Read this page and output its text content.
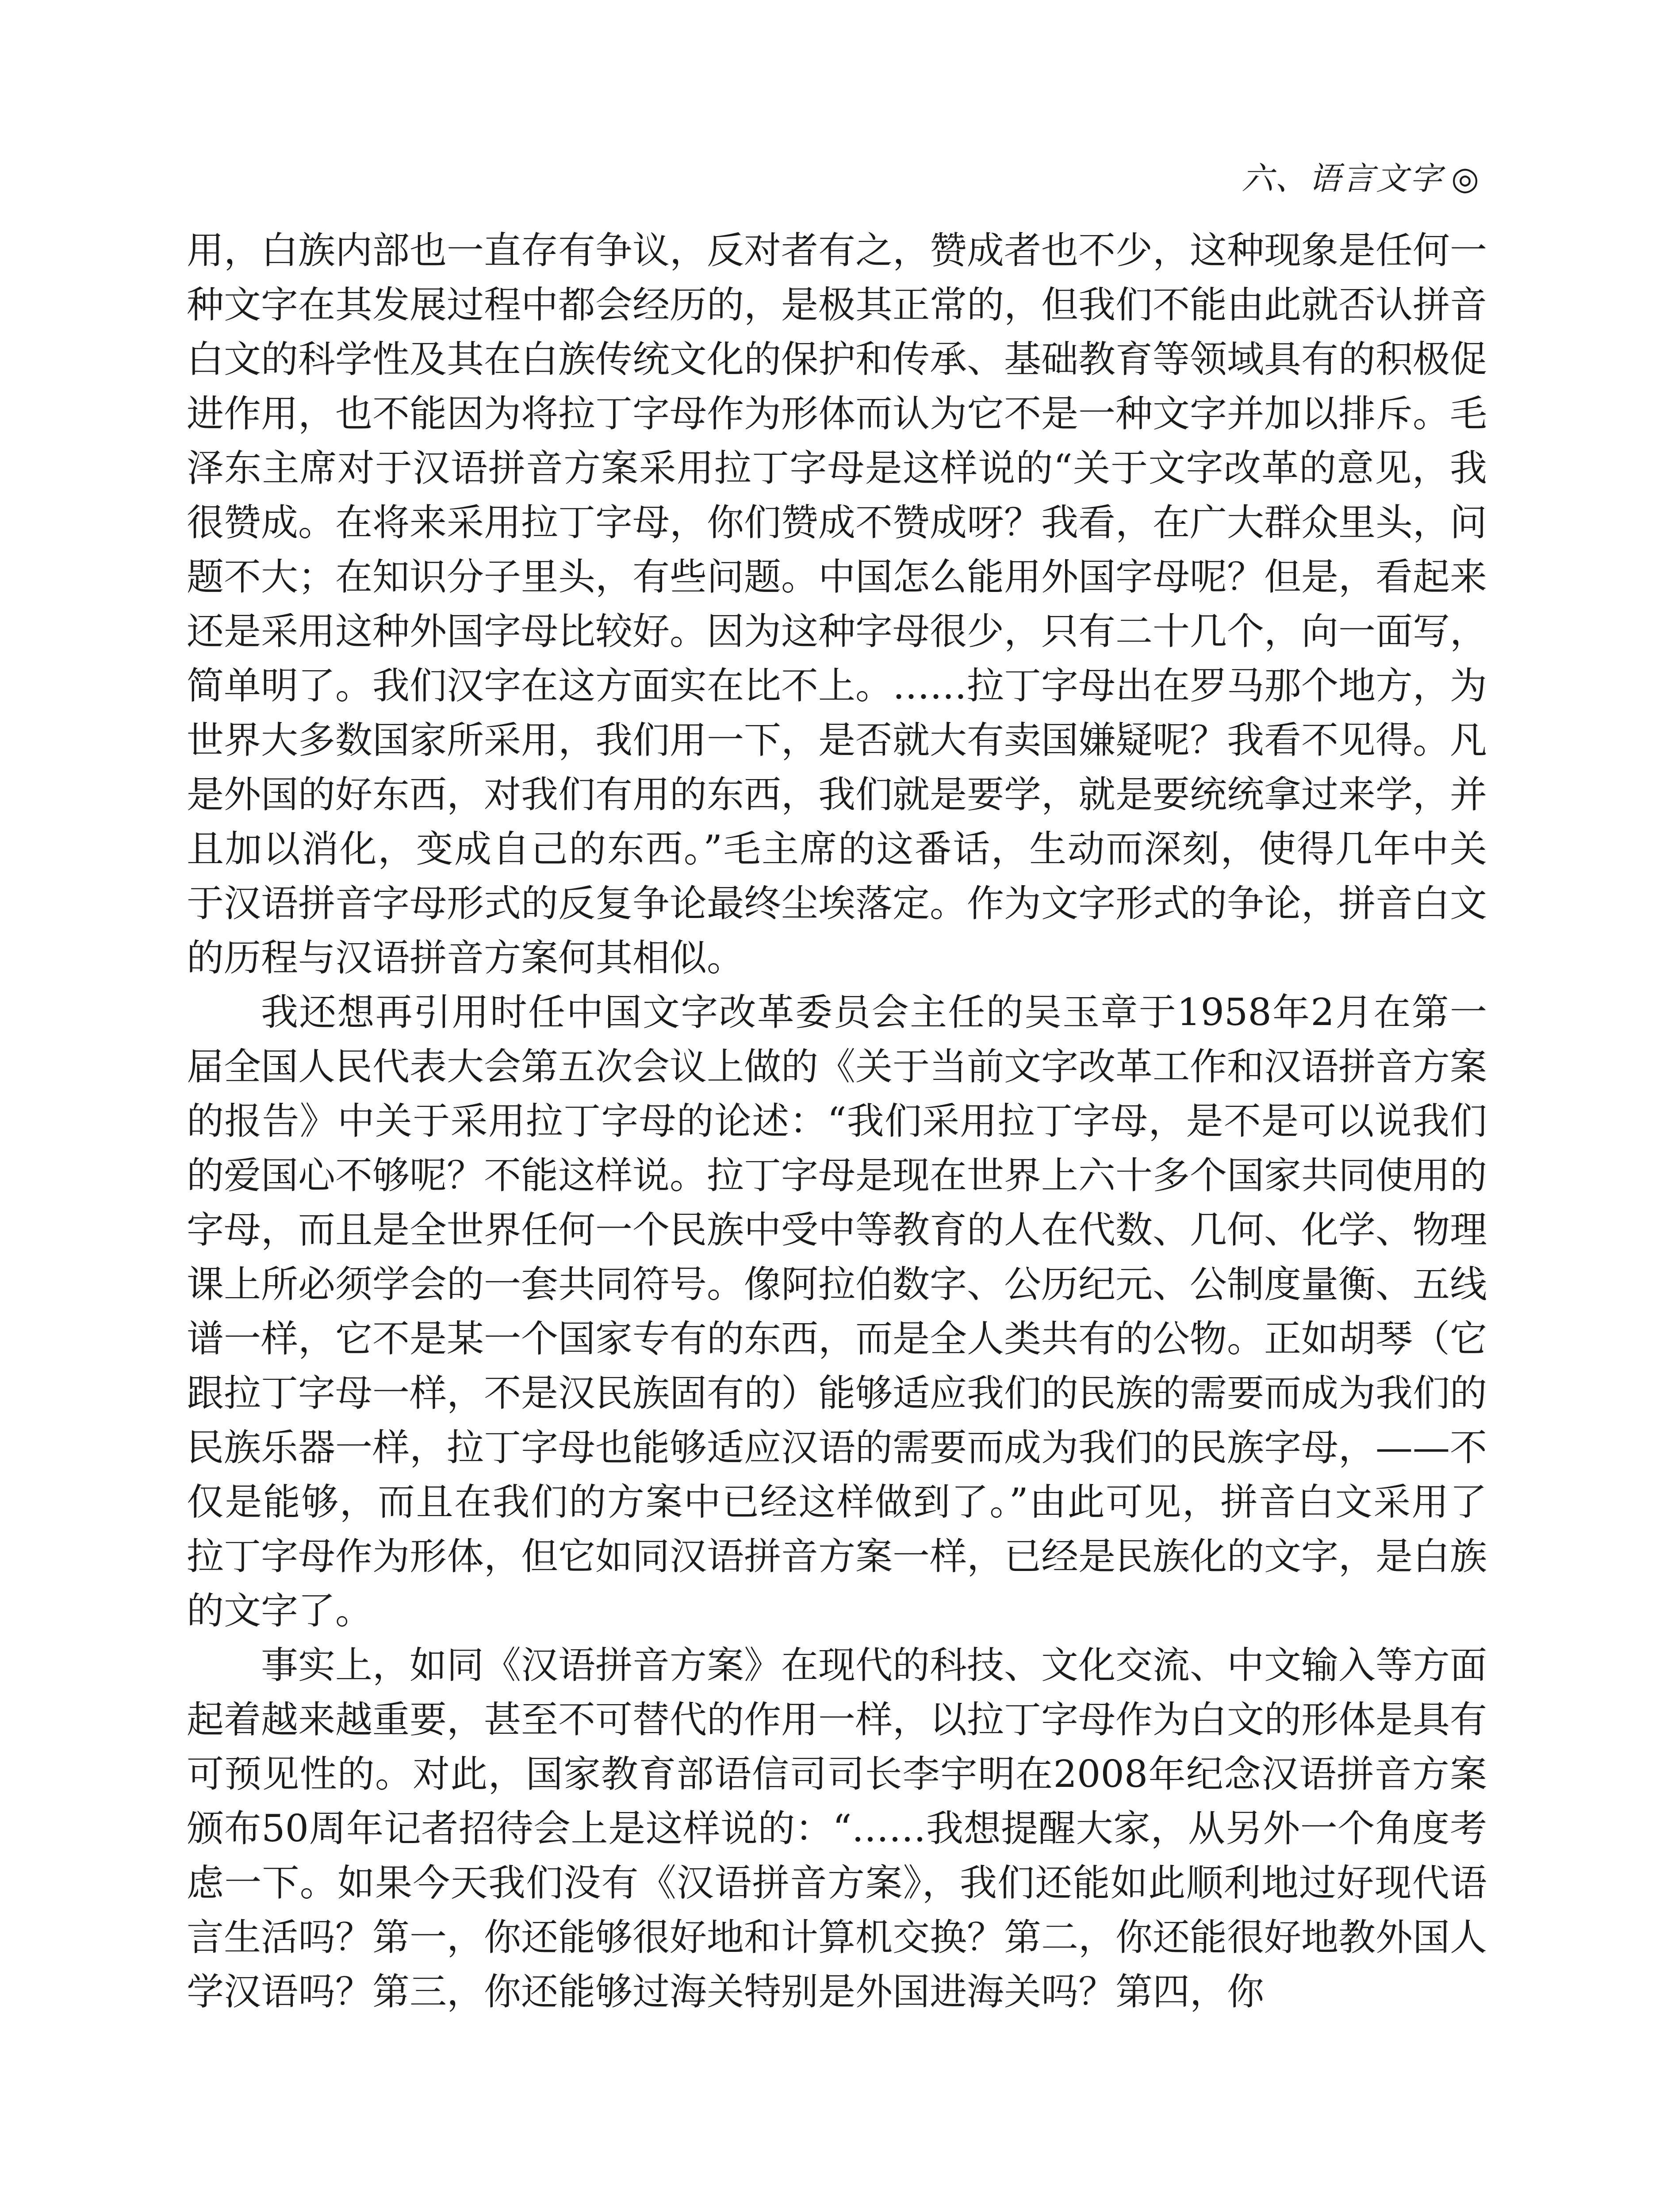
六、语言文字 ◎

用，白族内部也一直存有争议，反对者有之，赞成者也不少，这种现象是任何一种文字在其发展过程中都会经历的，是极其正常的，但我们不能由此就否认拼音白文的科学性及其在白族传统文化的保护和传承、基础教育等领域具有的积极促进作用，也不能因为将拉丁字母作为形体而认为它不是一种文字并加以排斥。毛泽东主席对于汉语拼音方案采用拉丁字母是这样说的“关于文字改革的意见，我很赞成。在将来采用拉丁字母，你们赞成不赞成呀？我看，在广大群众里头，问题不大；在知识分子里头，有些问题。中国怎么能用外国字母呢？但是，看起来还是采用这种外国字母比较好。因为这种字母很少，只有二十几个，向一面写，简单明了。我们汉字在这方面实在比不上。……拉丁字母出在罗马那个地方，为世界大多数国家所采用，我们用一下，是否就大有卖国嫌疑呢？我看不见得。凡是外国的好东西，对我们有用的东西，我们就是要学，就是要统统拿过来学，并且加以消化，变成自己的东西。”毛主席的这番话，生动而深刻，使得几年中关于汉语拼音字母形式的反复争论最终尘埃落定。作为文字形式的争论，拼音白文的历程与汉语拼音方案何其相似。

我还想再引用时任中国文字改革委员会主任的吴玉章于1958年2月在第一届全国人民代表大会第五次会议上做的《关于当前文字改革工作和汉语拼音方案的报告》中关于采用拉丁字母的论述：“我们采用拉丁字母，是不是可以说我们的爱国心不够呢？不能这样说。拉丁字母是现在世界上六十多个国家共同使用的字母，而且是全世界任何一个民族中受中等教育的人在代数、几何、化学、物理课上所必须学会的一套共同符号。像阿拉伯数字、公历纪元、公制度量衡、五线谱一样，它不是某一个国家专有的东西，而是全人类共有的公物。正如胡琴（它跟拉丁字母一样，不是汉民族固有的）能够适应我们的民族的需要而成为我们的民族乐器一样，拉丁字母也能够适应汉语的需要而成为我们的民族字母，——不仅是能够，而且在我们的方案中已经这样做到了。”由此可见，拼音白文采用了拉丁字母作为形体，但它如同汉语拼音方案一样，已经是民族化的文字，是白族的文字了。

事实上，如同《汉语拼音方案》在现代的科技、文化交流、中文输入等方面起着越来越重要，甚至不可替代的作用一样，以拉丁字母作为白文的形体是具有可预见性的。对此，国家教育部语信司司长李宇明在2008年纪念汉语拼音方案颁布50周年记者招待会上是这样说的：“……我想提醒大家，从另外一个角度考虑一下。如果今天我们没有《汉语拼音方案》，我们还能如此顺利地过好现代语言生活吗？第一，你还能够很好地和计算机交换？第二，你还能很好地教外国人学汉语吗？第三，你还能够过海关特别是外国进海关吗？第四，你
